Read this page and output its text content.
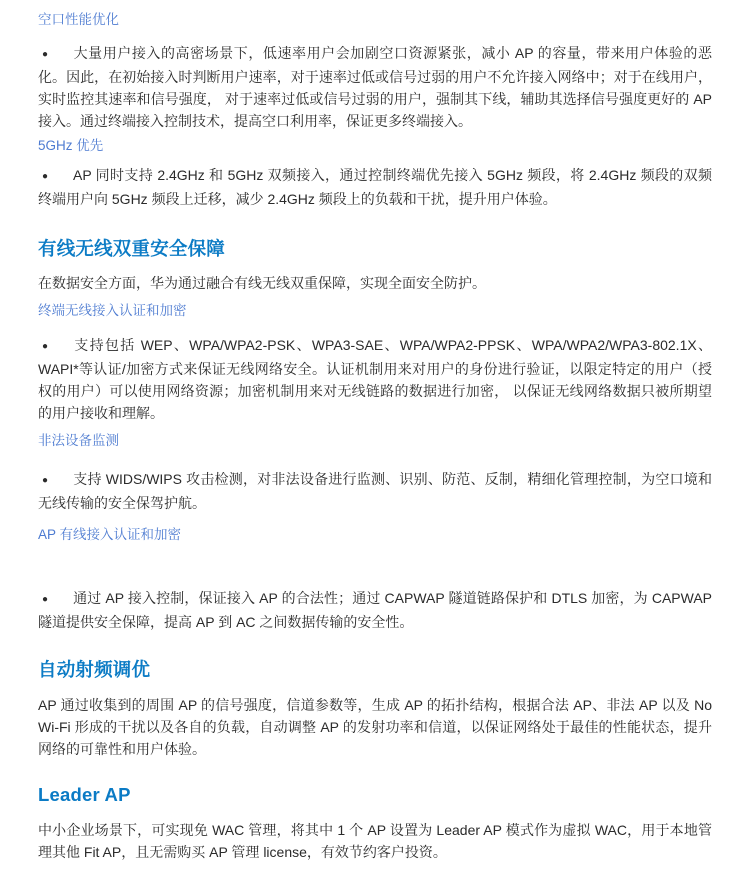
空口性能优化

● 大量用户接入的高密场景下，低速率用户会加剧空口资源紧张，减小 AP 的容量，带来用户体验的恶化。因此，在初始接入时判断用户速率，对于速率过低或信号过弱的用户不允许接入网络中；对于在线用户，实时监控其速率和信号强度， 对于速率过低或信号过弱的用户，强制其下线，辅助其选择信号强度更好的 AP 接入。通过终端接入控制技术，提高空口利用率，保证更多终端接入。

5GHz 优先

● AP 同时支持 2.4GHz 和 5GHz 双频接入，通过控制终端优先接入 5GHz 频段，将 2.4GHz 频段的双频终端用户向 5GHz 频段上迁移，减少 2.4GHz 频段上的负载和干扰，提升用户体验。

有线无线双重安全保障

在数据安全方面，华为通过融合有线无线双重保障，实现全面安全防护。

终端无线接入认证和加密

● 支持包括 WEP、WPA/WPA2-PSK、WPA3-SAE、WPA/WPA2-PPSK、WPA/WPA2/WPA3-802.1X、WAPI*等认证/加密方式来保证无线网络安全。认证机制用来对用户的身份进行验证，以限定特定的用户（授权的用户）可以使用网络资源；加密机制用来对无线链路的数据进行加密， 以保证无线网络数据只被所期望的用户接收和理解。

非法设备监测

● 支持 WIDS/WIPS 攻击检测，对非法设备进行监测、识别、防范、反制，精细化管理控制，为空口境和无线传输的安全保驾护航。

AP 有线接入认证和加密

● 通过 AP 接入控制，保证接入 AP 的合法性；通过 CAPWAP 隧道链路保护和 DTLS 加密，为 CAPWAP 隧道提供安全保障，提高 AP 到 AC 之间数据传输的安全性。

自动射频调优

AP 通过收集到的周围 AP 的信号强度，信道参数等，生成 AP 的拓扑结构，根据合法 AP、非法 AP 以及 No Wi-Fi 形成的干扰以及各自的负载，自动调整 AP 的发射功率和信道，以保证网络处于最佳的性能状态，提升网络的可靠性和用户体验。

Leader AP

中小企业场景下，可实现免 WAC 管理，将其中 1 个 AP 设置为 Leader AP 模式作为虚拟 WAC，用于本地管理其他 Fit AP，且无需购买 AP 管理 license，有效节约客户投资。
